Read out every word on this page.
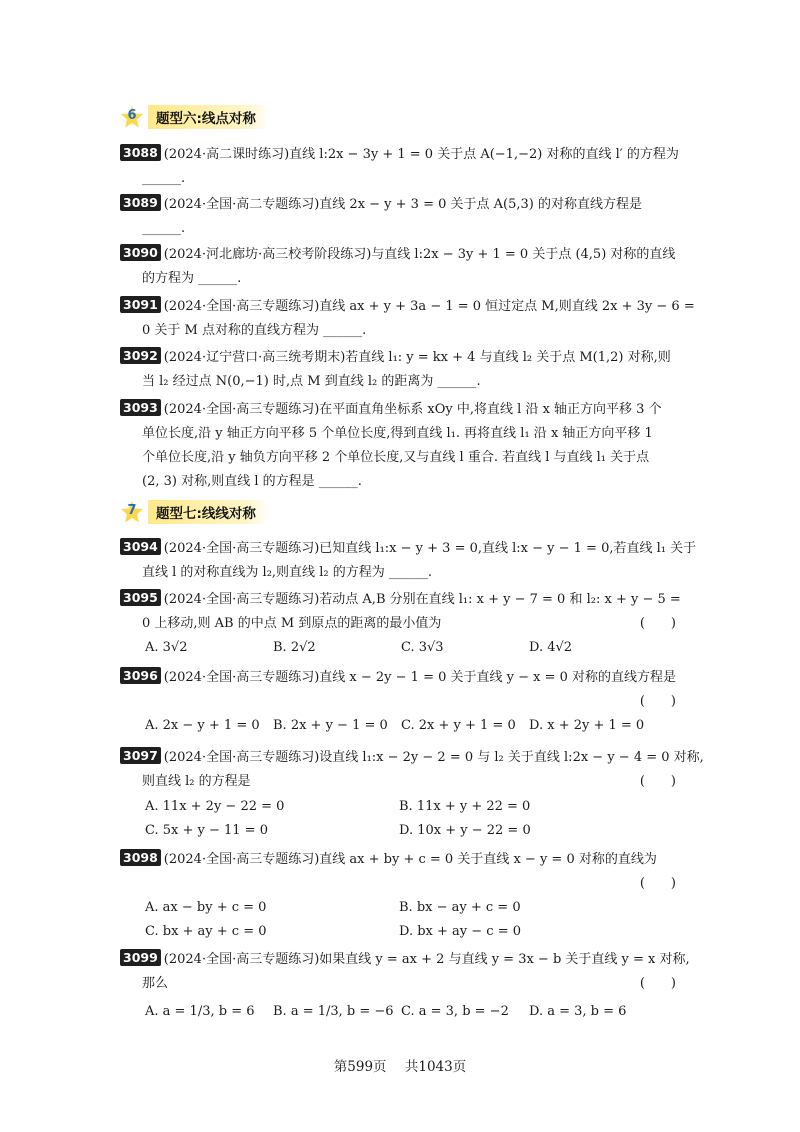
6	题型六:线点对称
3088 (2024·高二课时练习)直线 l:2x − 3y + 1 = 0 关于点 A(−1,−2) 对称的直线 l′ 的方程为
______.
3089 (2024·全国·高二专题练习)直线 2x − y + 3 = 0 关于点 A(5,3) 的对称直线方程是
______.
3090 (2024·河北廊坊·高三校考阶段练习)与直线 l:2x − 3y + 1 = 0 关于点 (4,5) 对称的直线
的方程为 ______.
3091 (2024·全国·高三专题练习)直线 ax + y + 3a − 1 = 0 恒过定点 M,则直线 2x + 3y − 6 =
0 关于 M 点对称的直线方程为 ______.
3092 (2024·辽宁营口·高三统考期末)若直线 l₁: y = kx + 4 与直线 l₂ 关于点 M(1,2) 对称,则
当 l₂ 经过点 N(0,−1) 时,点 M 到直线 l₂ 的距离为 ______.
3093 (2024·全国·高三专题练习)在平面直角坐标系 xOy 中,将直线 l 沿 x 轴正方向平移 3 个
单位长度,沿 y 轴正方向平移 5 个单位长度,得到直线 l₁. 再将直线 l₁ 沿 x 轴正方向平移 1
个单位长度,沿 y 轴负方向平移 2 个单位长度,又与直线 l 重合. 若直线 l 与直线 l₁ 关于点
(2, 3) 对称,则直线 l 的方程是 ______.
7	题型七:线线对称
3094 (2024·全国·高三专题练习)已知直线 l₁:x − y + 3 = 0,直线 l:x − y − 1 = 0,若直线 l₁ 关于
直线 l 的对称直线为 l₂,则直线 l₂ 的方程为 ______.
3095 (2024·全国·高三专题练习)若动点 A,B 分别在直线 l₁: x + y − 7 = 0 和 l₂: x + y − 5 =
0 上移动,则 AB 的中点 M 到原点的距离的最小值为	(　　)
A. 3√2	B. 2√2	C. 3√3	D. 4√2
3096 (2024·全国·高三专题练习)直线 x − 2y − 1 = 0 关于直线 y − x = 0 对称的直线方程是
(　　)
A. 2x − y + 1 = 0	B. 2x + y − 1 = 0	C. 2x + y + 1 = 0	D. x + 2y + 1 = 0
3097 (2024·全国·高三专题练习)设直线 l₁:x − 2y − 2 = 0 与 l₂ 关于直线 l:2x − y − 4 = 0 对称,
则直线 l₂ 的方程是	(　　)
A. 11x + 2y − 22 = 0	B. 11x + y + 22 = 0
C. 5x + y − 11 = 0	D. 10x + y − 22 = 0
3098 (2024·全国·高三专题练习)直线 ax + by + c = 0 关于直线 x − y = 0 对称的直线为
(　　)
A. ax − by + c = 0	B. bx − ay + c = 0
C. bx + ay + c = 0	D. bx + ay − c = 0
3099 (2024·全国·高三专题练习)如果直线 y = ax + 2 与直线 y = 3x − b 关于直线 y = x 对称,
那么	(　　)
A. a = 1/3, b = 6	B. a = 1/3, b = −6 C. a = 3, b = −2	D. a = 3, b = 6
第599页 共1043页
